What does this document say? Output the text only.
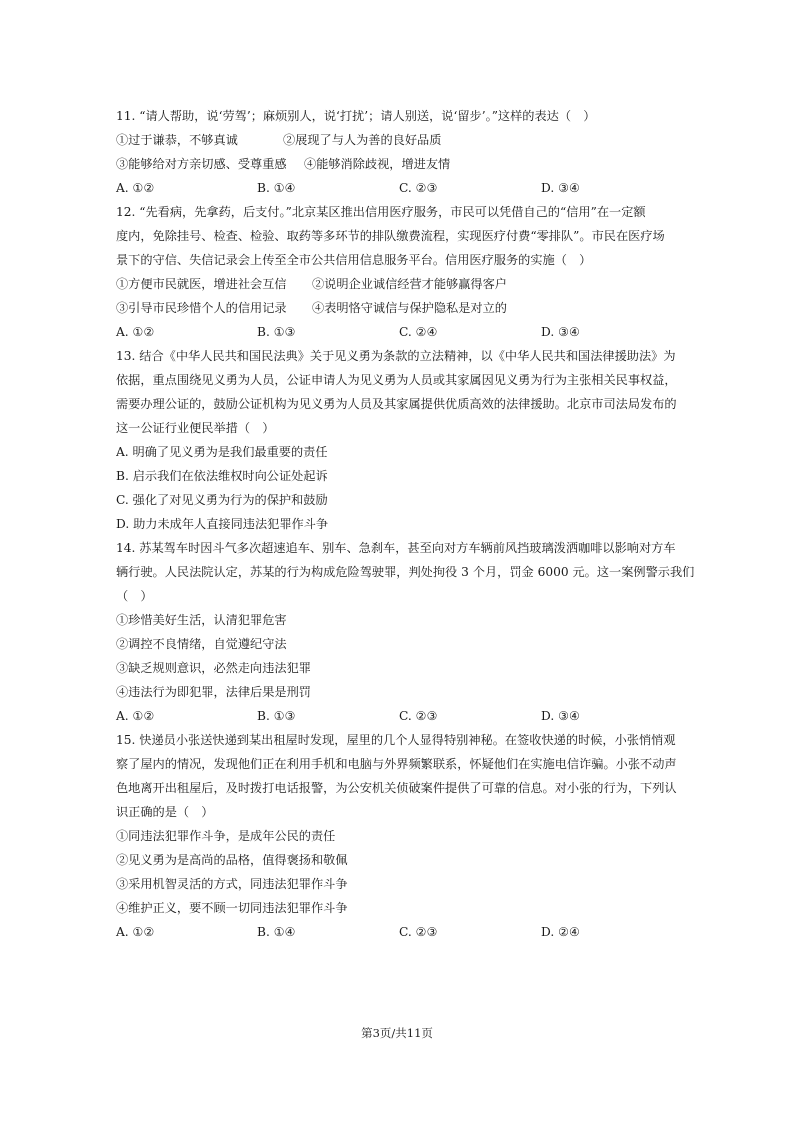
11. “请人帮助，说‘劳驾’；麻烦别人，说‘打扰’；请人别送，说‘留步’。”这样的表达（　）
①过于谦恭，不够真诚	②展现了与人为善的良好品质
③能够给对方亲切感、受尊重感 ④能够消除歧视，增进友情
A. ①②	B. ①④	C. ②③	D. ③④
12. “先看病，先拿药，后支付。”北京某区推出信用医疗服务，市民可以凭借自己的“信用”在一定额
度内，免除挂号、检查、检验、取药等多环节的排队缴费流程，实现医疗付费“零排队”。市民在医疗场
景下的守信、失信记录会上传至全市公共信用信息服务平台。信用医疗服务的实施（　）
①方便市民就医，增进社会互信 ②说明企业诚信经营才能够赢得客户
③引导市民珍惜个人的信用记录 ④表明恪守诚信与保护隐私是对立的
A. ①②	B. ①③	C. ②④	D. ③④
13. 结合《中华人民共和国民法典》关于见义勇为条款的立法精神，以《中华人民共和国法律援助法》为
依据，重点围绕见义勇为人员，公证申请人为见义勇为人员或其家属因见义勇为行为主张相关民事权益，
需要办理公证的，鼓励公证机构为见义勇为人员及其家属提供优质高效的法律援助。北京市司法局发布的
这一公证行业便民举措（　）
A. 明确了见义勇为是我们最重要的责任
B. 启示我们在依法维权时向公证处起诉
C. 强化了对见义勇为行为的保护和鼓励
D. 助力未成年人直接同违法犯罪作斗争
14. 苏某驾车时因斗气多次超速追车、别车、急刹车，甚至向对方车辆前风挡玻璃泼洒咖啡以影响对方车
辆行驶。人民法院认定，苏某的行为构成危险驾驶罪，判处拘役 3 个月，罚金 6000 元。这一案例警示我们
（　）
①珍惜美好生活，认清犯罪危害
②调控不良情绪，自觉遵纪守法
③缺乏规则意识，必然走向违法犯罪
④违法行为即犯罪，法律后果是刑罚
A. ①②	B. ①③	C. ②③	D. ③④
15. 快递员小张送快递到某出租屋时发现，屋里的几个人显得特别神秘。在签收快递的时候，小张悄悄观
察了屋内的情况，发现他们正在利用手机和电脑与外界频繁联系，怀疑他们在实施电信诈骗。小张不动声
色地离开出租屋后，及时拨打电话报警，为公安机关侦破案件提供了可靠的信息。对小张的行为，下列认
识正确的是（　）
①同违法犯罪作斗争，是成年公民的责任
②见义勇为是高尚的品格，值得褒扬和敬佩
③采用机智灵活的方式，同违法犯罪作斗争
④维护正义，要不顾一切同违法犯罪作斗争
A. ①②	B. ①④	C. ②③	D. ②④
第3页/共11页
